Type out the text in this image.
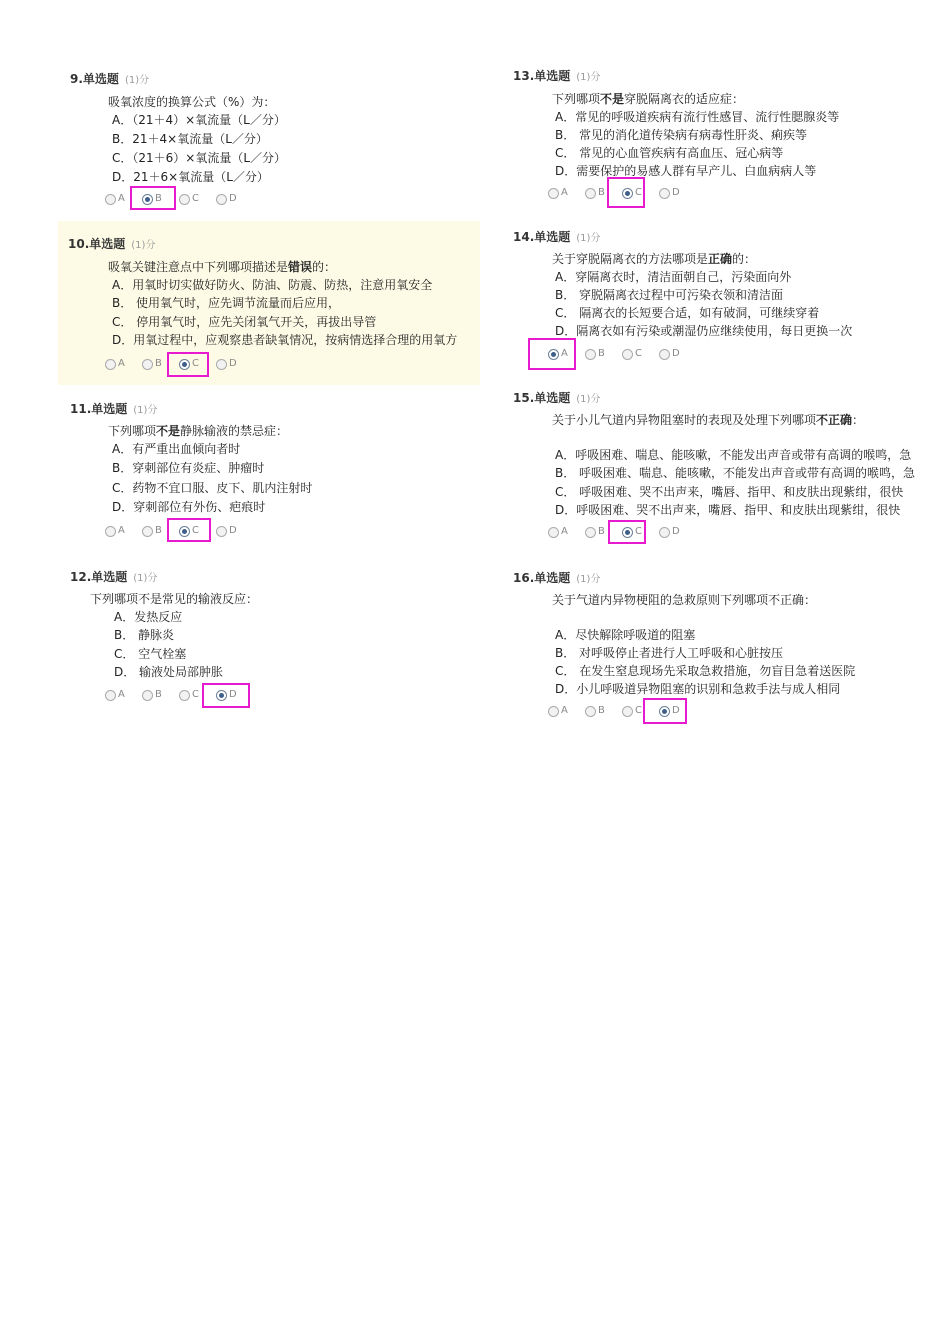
9.单选题 (1)分
吸氧浓度的换算公式（%）为：
A．（21＋4）×氧流量（L／分）
B．21＋4×氧流量（L／分）
C．（21＋6）×氧流量（L／分）
D．21＋6×氧流量（L／分）
A	B	C	D
10.单选题 (1)分
吸氧关键注意点中下列哪项描述是错误的：
A．用氧时切实做好防火、防油、防震、防热，注意用氧安全
B． 使用氧气时，应先调节流量而后应用，
C． 停用氧气时，应先关闭氧气开关，再拔出导管
D．用氧过程中，应观察患者缺氧情况，按病情选择合理的用氧方
A	B	C	D
11.单选题 (1)分
下列哪项不是静脉输液的禁忌症：
A．有严重出血倾向者时
B．穿刺部位有炎症、肿瘤时
C．药物不宜口服、皮下、肌内注射时
D．穿刺部位有外伤、疤痕时
A	B	C	D
12.单选题 (1)分
下列哪项不是常见的输液反应：
A．发热反应
B． 静脉炎
C． 空气栓塞
D． 输液处局部肿胀
A	B	C	D
13.单选题 (1)分
下列哪项不是穿脱隔离衣的适应症：
A．常见的呼吸道疾病有流行性感冒、流行性腮腺炎等
B． 常见的消化道传染病有病毒性肝炎、痢疾等
C． 常见的心血管疾病有高血压、冠心病等
D．需要保护的易感人群有早产儿、白血病病人等
A	B	C	D
14.单选题 (1)分
关于穿脱隔离衣的方法哪项是正确的：
A．穿隔离衣时，清洁面朝自己，污染面向外
B． 穿脱隔离衣过程中可污染衣领和清洁面
C． 隔离衣的长短要合适，如有破洞，可继续穿着
D．隔离衣如有污染或潮湿仍应继续使用，每日更换一次
A	B	C	D
15.单选题 (1)分
关于小儿气道内异物阻塞时的表现及处理下列哪项不正确：
A．呼吸困难、喘息、能咳嗽，不能发出声音或带有高调的喉鸣，急
B． 呼吸困难、喘息、能咳嗽，不能发出声音或带有高调的喉鸣，急
C． 呼吸困难、哭不出声来，嘴唇、指甲、和皮肤出现紫绀，很快
D．呼吸困难、哭不出声来，嘴唇、指甲、和皮肤出现紫绀，很快
A	B	C	D
16.单选题 (1)分
关于气道内异物梗阻的急救原则下列哪项不正确：
A．尽快解除呼吸道的阻塞
B． 对呼吸停止者进行人工呼吸和心脏按压
C． 在发生窒息现场先采取急救措施，勿盲目急着送医院
D．小儿呼吸道异物阻塞的识别和急救手法与成人相同
A	B	C	D
